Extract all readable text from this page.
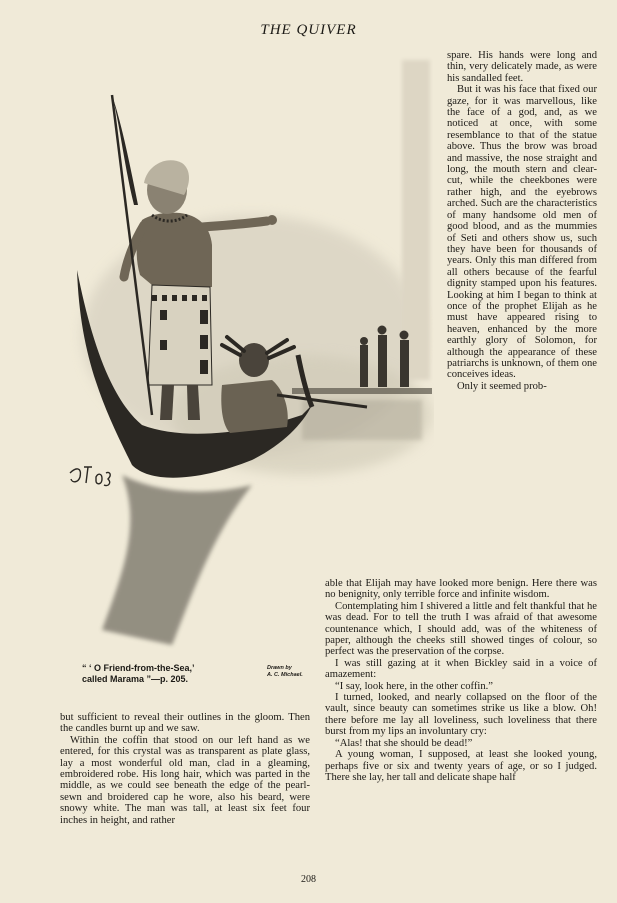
THE QUIVER
“ ‘ O Friend-from-the-Sea,’
called Marama ”—p. 205.
Drawn by
A. C. Michael.

spare. His hands were long and thin, very delicately made, as were his sandalled feet.

But it was his face that fixed our gaze, for it was marvellous, like the face of a god, and, as we noticed at once, with some resemblance to that of the statue above. Thus the brow was broad and massive, the nose straight and long, the mouth stern and clear-cut, while the cheekbones were rather high, and the eyebrows arched. Such are the characteristics of many handsome old men of good blood, and as the mummies of Seti and others show us, such they have been for thousands of years. Only this man differed from all others because of the fearful dignity stamped upon his features. Looking at him I began to think at once of the prophet Elijah as he must have appeared rising to heaven, enhanced by the more earthly glory of Solomon, for although the appearance of these patriarchs is unknown, of them one conceives ideas.

Only it seemed prob-

able that Elijah may have looked more benign. Here there was no benignity, only terrible force and infinite wisdom.

Contemplating him I shivered a little and felt thankful that he was dead. For to tell the truth I was afraid of that awesome countenance which, I should add, was of the whiteness of paper, although the cheeks still showed tinges of colour, so perfect was the preservation of the corpse.

I was still gazing at it when Bickley said in a voice of amazement:

“I say, look here, in the other coffin.”

I turned, looked, and nearly collapsed on the floor of the vault, since beauty can sometimes strike us like a blow. Oh! there before me lay all loveliness, such loveliness that there burst from my lips an involuntary cry:

“Alas! that she should be dead!”

A young woman, I supposed, at least she looked young, perhaps five or six and twenty years of age, or so I judged. There she lay, her tall and delicate shape half

but sufficient to reveal their outlines in the gloom. Then the candles burnt up and we saw.

Within the coffin that stood on our left hand as we entered, for this crystal was as transparent as plate glass, lay a most wonderful old man, clad in a gleaming, embroidered robe. His long hair, which was parted in the middle, as we could see beneath the edge of the pearl-sewn and broidered cap he wore, also his beard, were snowy white. The man was tall, at least six feet four inches in height, and rather

208
